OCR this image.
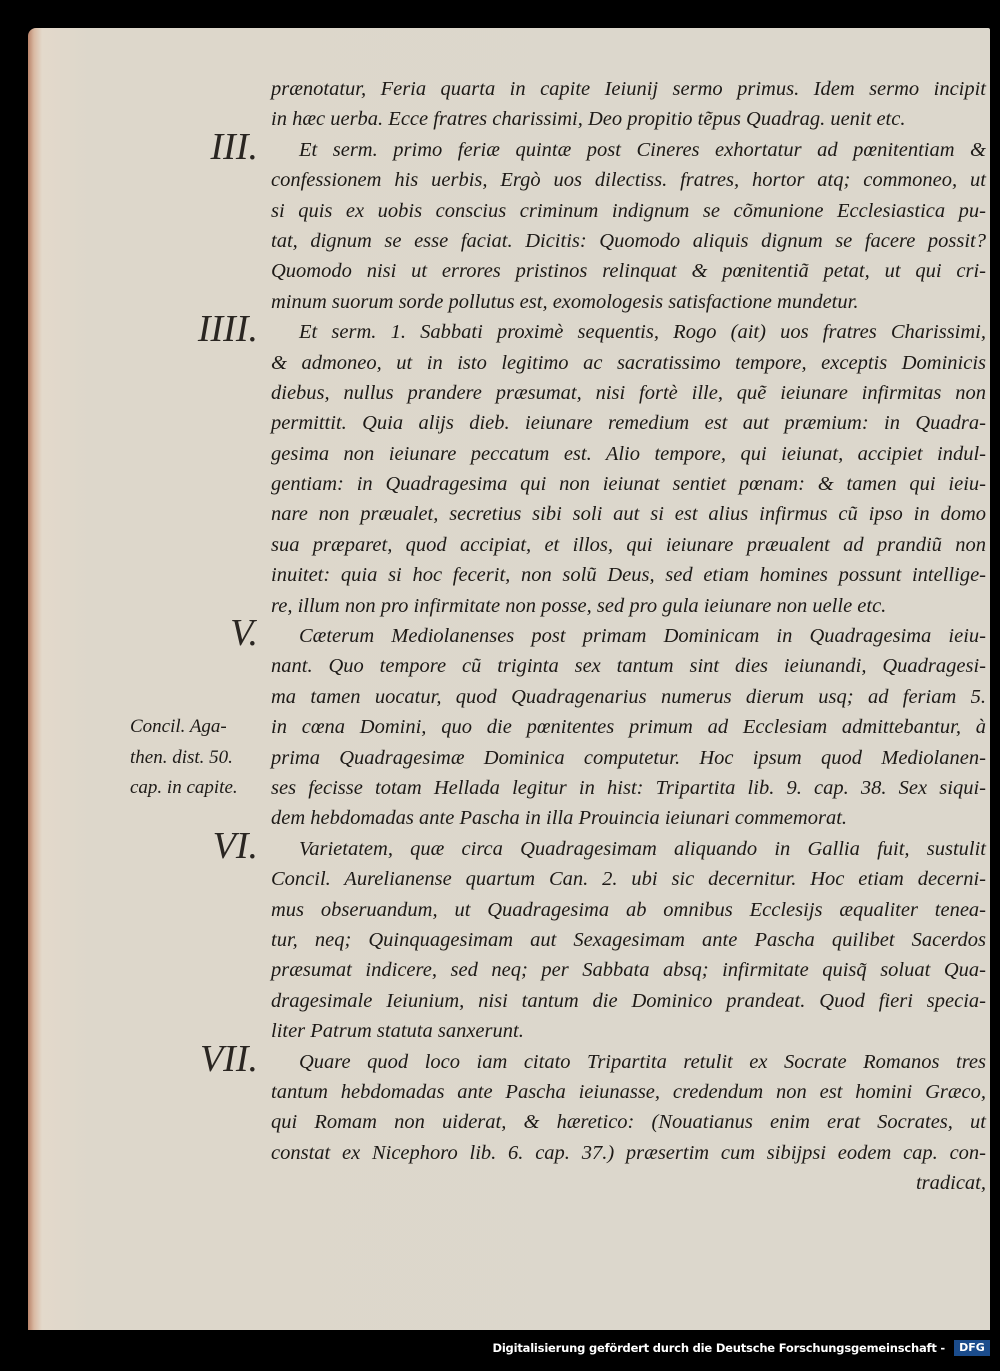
prænotatur, Feria quarta in capite Ieiunij sermo primus. Idem sermo incipit
in hæc uerba. Ecce fratres charissimi, Deo propitio tẽpus Quadrag. uenit etc.
Et serm. primo feriæ quintæ post Cineres exhortatur ad pœnitentiam &
confessionem his uerbis, Ergò uos dilectiss. fratres, hortor atq; commoneo, ut
si quis ex uobis conscius criminum indignum se cõmunione Ecclesiastica pu-
tat, dignum se esse faciat. Dicitis: Quomodo aliquis dignum se facere possit?
Quomodo nisi ut errores pristinos relinquat & pœnitentiã petat, ut qui cri-
minum suorum sorde pollutus est, exomologesis satisfactione mundetur.
Et serm. 1. Sabbati proximè sequentis, Rogo (ait) uos fratres Charissimi,
& admoneo, ut in isto legitimo ac sacratissimo tempore, exceptis Dominicis
diebus, nullus prandere præsumat, nisi fortè ille, quẽ ieiunare infirmitas non
permittit. Quia alijs dieb. ieiunare remedium est aut præmium: in Quadra-
gesima non ieiunare peccatum est. Alio tempore, qui ieiunat, accipiet indul-
gentiam: in Quadragesima qui non ieiunat sentiet pœnam: & tamen qui ieiu-
nare non præualet, secretius sibi soli aut si est alius infirmus cũ ipso in domo
sua præparet, quod accipiat, et illos, qui ieiunare præualent ad prandiũ non
inuitet: quia si hoc fecerit, non solũ Deus, sed etiam homines possunt intellige-
re, illum non pro infirmitate non posse, sed pro gula ieiunare non uelle etc.
Cæterum Mediolanenses post primam Dominicam in Quadragesima ieiu-
nant. Quo tempore cũ triginta sex tantum sint dies ieiunandi, Quadragesi-
ma tamen uocatur, quod Quadragenarius numerus dierum usq; ad feriam 5.
in cœna Domini, quo die pœnitentes primum ad Ecclesiam admittebantur, à
prima Quadragesimæ Dominica computetur. Hoc ipsum quod Mediolanen-
ses fecisse totam Hellada legitur in hist: Tripartita lib. 9. cap. 38. Sex siqui-
dem hebdomadas ante Pascha in illa Prouincia ieiunari commemorat.
Varietatem, quæ circa Quadragesimam aliquando in Gallia fuit, sustulit
Concil. Aurelianense quartum Can. 2. ubi sic decernitur. Hoc etiam decerni-
mus obseruandum, ut Quadragesima ab omnibus Ecclesijs æqualiter tenea-
tur, neq; Quinquagesimam aut Sexagesimam ante Pascha quilibet Sacerdos
præsumat indicere, sed neq; per Sabbata absq; infirmitate quisq̃ soluat Qua-
dragesimale Ieiunium, nisi tantum die Dominico prandeat. Quod fieri specia-
liter Patrum statuta sanxerunt.
Quare quod loco iam citato Tripartita retulit ex Socrate Romanos tres
tantum hebdomadas ante Pascha ieiunasse, credendum non est homini Græco,
qui Romam non uiderat, & hæretico: (Nouatianus enim erat Socrates, ut
constat ex Nicephoro lib. 6. cap. 37.) præsertim cum sibijpsi eodem cap. con-
tradicat,
III.
IIII.
V.
VI.
VII.
Concil. Aga-
then. dist. 50.
cap. in capite.
Digitalisierung gefördert durch die Deutsche Forschungsgemeinschaft -	DFG
